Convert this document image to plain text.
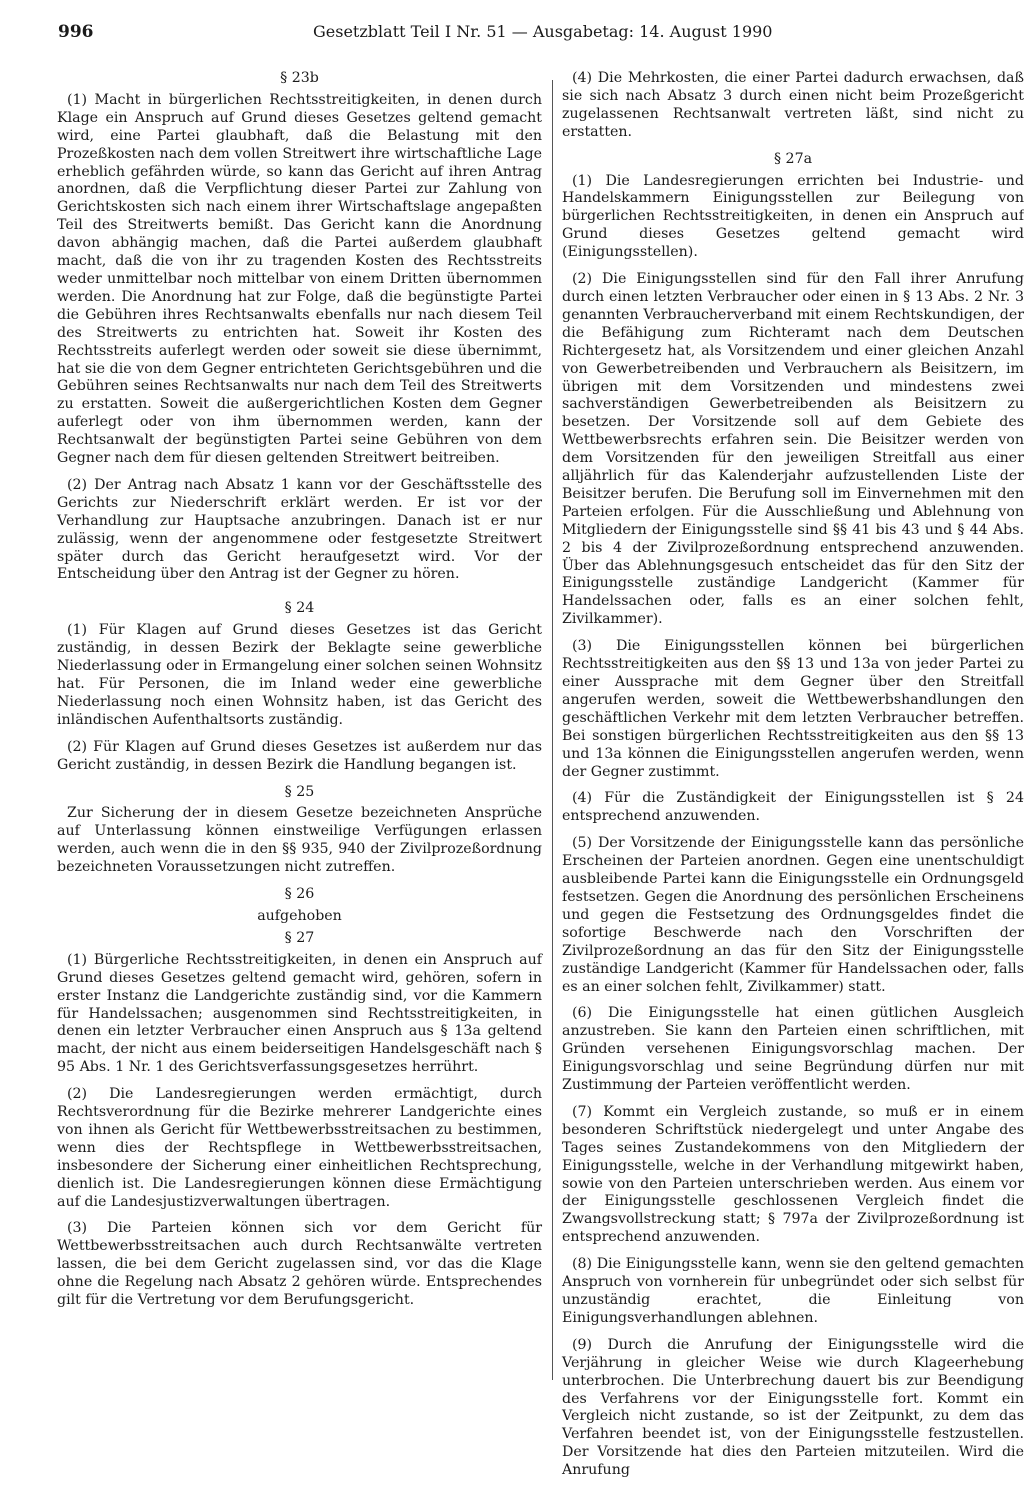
996	Gesetzblatt Teil I Nr. 51 — Ausgabetag: 14. August 1990
§ 23b

(1) Macht in bürgerlichen Rechtsstreitigkeiten, in denen durch Klage ein Anspruch auf Grund dieses Gesetzes geltend gemacht wird, eine Partei glaubhaft, daß die Belastung mit den Prozeßkosten nach dem vollen Streitwert ihre wirtschaftliche Lage erheblich gefährden würde, so kann das Gericht auf ihren Antrag anordnen, daß die Verpflichtung dieser Partei zur Zahlung von Gerichtskosten sich nach einem ihrer Wirtschaftslage angepaßten Teil des Streitwerts bemißt. Das Gericht kann die Anordnung davon abhängig machen, daß die Partei außerdem glaubhaft macht, daß die von ihr zu tragenden Kosten des Rechtsstreits weder unmittelbar noch mittelbar von einem Dritten übernommen werden. Die Anordnung hat zur Folge, daß die begünstigte Partei die Gebühren ihres Rechtsanwalts ebenfalls nur nach diesem Teil des Streitwerts zu entrichten hat. Soweit ihr Kosten des Rechtsstreits auferlegt werden oder soweit sie diese übernimmt, hat sie die von dem Gegner entrichteten Gerichtsgebühren und die Gebühren seines Rechtsanwalts nur nach dem Teil des Streitwerts zu erstatten. Soweit die außergerichtlichen Kosten dem Gegner auferlegt oder von ihm übernommen werden, kann der Rechtsanwalt der begünstigten Partei seine Gebühren von dem Gegner nach dem für diesen geltenden Streitwert beitreiben.

(2) Der Antrag nach Absatz 1 kann vor der Geschäftsstelle des Gerichts zur Niederschrift erklärt werden. Er ist vor der Verhandlung zur Hauptsache anzubringen. Danach ist er nur zulässig, wenn der angenommene oder festgesetzte Streitwert später durch das Gericht heraufgesetzt wird. Vor der Entscheidung über den Antrag ist der Gegner zu hören.

§ 24

(1) Für Klagen auf Grund dieses Gesetzes ist das Gericht zuständig, in dessen Bezirk der Beklagte seine gewerbliche Niederlassung oder in Ermangelung einer solchen seinen Wohnsitz hat. Für Personen, die im Inland weder eine gewerbliche Niederlassung noch einen Wohnsitz haben, ist das Gericht des inländischen Aufenthaltsorts zuständig.

(2) Für Klagen auf Grund dieses Gesetzes ist außerdem nur das Gericht zuständig, in dessen Bezirk die Handlung begangen ist.

§ 25

Zur Sicherung der in diesem Gesetze bezeichneten Ansprüche auf Unterlassung können einstweilige Verfügungen erlassen werden, auch wenn die in den §§ 935, 940 der Zivilprozeßordnung bezeichneten Voraussetzungen nicht zutreffen.

§ 26
aufgehoben
§ 27

(1) Bürgerliche Rechtsstreitigkeiten, in denen ein Anspruch auf Grund dieses Gesetzes geltend gemacht wird, gehören, sofern in erster Instanz die Landgerichte zuständig sind, vor die Kammern für Handelssachen; ausgenommen sind Rechtsstreitigkeiten, in denen ein letzter Verbraucher einen Anspruch aus § 13a geltend macht, der nicht aus einem beiderseitigen Handelsgeschäft nach § 95 Abs. 1 Nr. 1 des Gerichtsverfassungsgesetzes herrührt.

(2) Die Landesregierungen werden ermächtigt, durch Rechtsverordnung für die Bezirke mehrerer Landgerichte eines von ihnen als Gericht für Wettbewerbsstreitsachen zu bestimmen, wenn dies der Rechtspflege in Wettbewerbsstreitsachen, insbesondere der Sicherung einer einheitlichen Rechtsprechung, dienlich ist. Die Landesregierungen können diese Ermächtigung auf die Landesjustizverwaltungen übertragen.

(3) Die Parteien können sich vor dem Gericht für Wettbewerbsstreitsachen auch durch Rechtsanwälte vertreten lassen, die bei dem Gericht zugelassen sind, vor das die Klage ohne die Regelung nach Absatz 2 gehören würde. Entsprechendes gilt für die Vertretung vor dem Berufungsgericht.

(4) Die Mehrkosten, die einer Partei dadurch erwachsen, daß sie sich nach Absatz 3 durch einen nicht beim Prozeßgericht zugelassenen Rechtsanwalt vertreten läßt, sind nicht zu erstatten.

§ 27a

(1) Die Landesregierungen errichten bei Industrie- und Handelskammern Einigungsstellen zur Beilegung von bürgerlichen Rechtsstreitigkeiten, in denen ein Anspruch auf Grund dieses Gesetzes geltend gemacht wird (Einigungsstellen).

(2) Die Einigungsstellen sind für den Fall ihrer Anrufung durch einen letzten Verbraucher oder einen in § 13 Abs. 2 Nr. 3 genannten Verbraucherverband mit einem Rechtskundigen, der die Befähigung zum Richteramt nach dem Deutschen Richtergesetz hat, als Vorsitzendem und einer gleichen Anzahl von Gewerbetreibenden und Verbrauchern als Beisitzern, im übrigen mit dem Vorsitzenden und mindestens zwei sachverständigen Gewerbetreibenden als Beisitzern zu besetzen. Der Vorsitzende soll auf dem Gebiete des Wettbewerbsrechts erfahren sein. Die Beisitzer werden von dem Vorsitzenden für den jeweiligen Streitfall aus einer alljährlich für das Kalenderjahr aufzustellenden Liste der Beisitzer berufen. Die Berufung soll im Einvernehmen mit den Parteien erfolgen. Für die Ausschließung und Ablehnung von Mitgliedern der Einigungsstelle sind §§ 41 bis 43 und § 44 Abs. 2 bis 4 der Zivilprozeßordnung entsprechend anzuwenden. Über das Ablehnungsgesuch entscheidet das für den Sitz der Einigungsstelle zuständige Landgericht (Kammer für Handelssachen oder, falls es an einer solchen fehlt, Zivilkammer).

(3) Die Einigungsstellen können bei bürgerlichen Rechtsstreitigkeiten aus den §§ 13 und 13a von jeder Partei zu einer Aussprache mit dem Gegner über den Streitfall angerufen werden, soweit die Wettbewerbshandlungen den geschäftlichen Verkehr mit dem letzten Verbraucher betreffen. Bei sonstigen bürgerlichen Rechtsstreitigkeiten aus den §§ 13 und 13a können die Einigungsstellen angerufen werden, wenn der Gegner zustimmt.

(4) Für die Zuständigkeit der Einigungsstellen ist § 24 entsprechend anzuwenden.

(5) Der Vorsitzende der Einigungsstelle kann das persönliche Erscheinen der Parteien anordnen. Gegen eine unentschuldigt ausbleibende Partei kann die Einigungsstelle ein Ordnungsgeld festsetzen. Gegen die Anordnung des persönlichen Erscheinens und gegen die Festsetzung des Ordnungsgeldes findet die sofortige Beschwerde nach den Vorschriften der Zivilprozeßordnung an das für den Sitz der Einigungsstelle zuständige Landgericht (Kammer für Handelssachen oder, falls es an einer solchen fehlt, Zivilkammer) statt.

(6) Die Einigungsstelle hat einen gütlichen Ausgleich anzustreben. Sie kann den Parteien einen schriftlichen, mit Gründen versehenen Einigungsvorschlag machen. Der Einigungsvorschlag und seine Begründung dürfen nur mit Zustimmung der Parteien veröffentlicht werden.

(7) Kommt ein Vergleich zustande, so muß er in einem besonderen Schriftstück niedergelegt und unter Angabe des Tages seines Zustandekommens von den Mitgliedern der Einigungsstelle, welche in der Verhandlung mitgewirkt haben, sowie von den Parteien unterschrieben werden. Aus einem vor der Einigungsstelle geschlossenen Vergleich findet die Zwangsvollstreckung statt; § 797a der Zivilprozeßordnung ist entsprechend anzuwenden.

(8) Die Einigungsstelle kann, wenn sie den geltend gemachten Anspruch von vornherein für unbegründet oder sich selbst für unzuständig erachtet, die Einleitung von Einigungsverhandlungen ablehnen.

(9) Durch die Anrufung der Einigungsstelle wird die Verjährung in gleicher Weise wie durch Klageerhebung unterbrochen. Die Unterbrechung dauert bis zur Beendigung des Verfahrens vor der Einigungsstelle fort. Kommt ein Vergleich nicht zustande, so ist der Zeitpunkt, zu dem das Verfahren beendet ist, von der Einigungsstelle festzustellen. Der Vorsitzende hat dies den Parteien mitzuteilen. Wird die Anrufung
